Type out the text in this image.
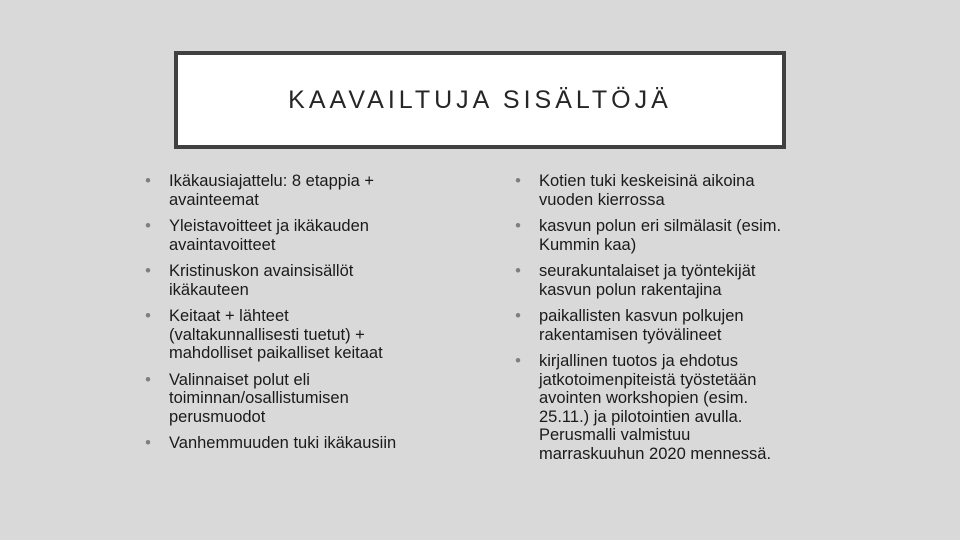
KAAVAILTUJA SISÄLTÖJÄ
•	Ikäkausiajattelu: 8 etappia +
avainteemat
•	Yleistavoitteet ja ikäkauden
avaintavoitteet
•	Kristinuskon avainsisällöt
ikäkauteen
•	Keitaat + lähteet
(valtakunnallisesti tuetut) +
mahdolliset paikalliset keitaat
•	Valinnaiset polut eli
toiminnan/osallistumisen
perusmuodot
•	Vanhemmuuden tuki ikäkausiin
•	Kotien tuki keskeisinä aikoina
vuoden kierrossa
•	kasvun polun eri silmälasit (esim.
Kummin kaa)
•	seurakuntalaiset ja työntekijät
kasvun polun rakentajina
•	paikallisten kasvun polkujen
rakentamisen työvälineet
•	kirjallinen tuotos ja ehdotus
jatkotoimenpiteistä työstetään
avointen workshopien (esim.
25.11.) ja pilotointien avulla.
Perusmalli valmistuu
marraskuuhun 2020 mennessä.
